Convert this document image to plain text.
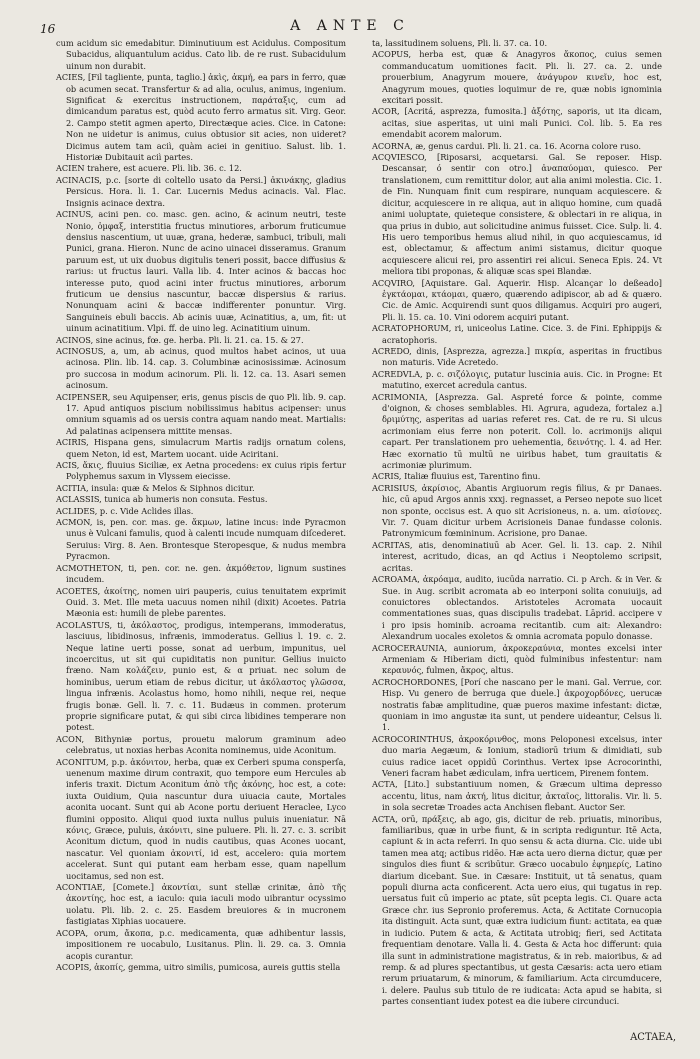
16	A ANTE C

cum acidum sic emedabitur. Diminutiuum est Acidulus. Compositum Subacidus, aliquantulum acidus. Cato lib. de re rust. Subacidulum uinum non durabit.

ACIES, [Fil tagliente, punta, taglio.] ἀκὶς, ἀκμή, ea pars in ferro, quæ ob acumen secat. Transfertur & ad alia, oculus, animus, ingenium. Significat & exercitus instructionem, παράταξις, cum ad dimicandum paratus est, quòd acuto ferro armatus sit. Virg. Geor. 2. Campo stetit agmen aperto, Directæque acies. Cice. in Catone: Non ne uidetur is animus, cuius obtusior sit acies, non uideret? Dicimus autem tam aciì, quàm aciei in genitiuo. Salust. lib. 1. Historiæ Dubitauit aciì partes.

ACIEN trahere, est acuere. Pli. lib. 36. c. 12.

ACINACIS, p.c. [sorte di coltello usato da Persi.] ἀκινάκης, gladius Persicus. Hora. li. 1. Car. Lucernis Medus acinacis. Val. Flac. Insignis acinace dextra.

ACINUS, acini pen. co. masc. gen. acino, & acinum neutri, teste Nonio, ὀμφαξ, interstitia fructus minutiores, arborum fruticumue densius nascentium, ut uuæ, grana, hederæ, sambuci, tribuli, mali Punici, grana. Hieron. Nunc de acino uinacei disseramus. Granum paruum est, ut uix duobus digitulis teneri possit, bacce diffusius & rarius: ut fructus lauri. Valla lib. 4. Inter acinos & baccas hoc interesse puto, quod acini inter fructus minutiores, arborum fruticum ue densius nascuntur, baccæ dispersius & rarius. Nonunquam acini & baccæ indifferenter ponuntur. Virg. Sanguineis ebuli baccis. Ab acinis uuæ, Acinatitius, a, um, fit: ut uinum acinatitium. Vlpi. ff. de uino leg. Acinatitium uinum.

ACINOS, sine acinus, fœ. ge. herba. Pli. li. 21. ca. 15. & 27.

ACINOSUS, a, um, ab acinus, quod multos habet acinos, ut uua acinosa. Plin. lib. 14. cap. 3. Columbinæ acinosissimæ. Acinosum pro succosa in modum acinorum. Pli. li. 12. ca. 13. Asari semen acinosum.

ACIPENSER, seu Aquipenser, eris, genus piscis de quo Pli. lib. 9. cap. 17. Apud antiquos piscium nobilissimus habitus acipenser: unus omnium squamis ad os uersis contra aquam nando meat. Martialis: Ad palatinas acipensera mittite mensas.

ACIRIS, Hispana gens, simulacrum Martis radijs ornatum colens, quem Neton, id est, Martem uocant. uide Aciritani.

ACIS, ἄκις, fluuius Siciliæ, ex Aetna procedens: ex cuius ripis fertur Polyphemus saxum in Vlyssem eiecisse.

ACITIA, insula: quæ & Melos & Siphnos dicitur.

ACLASSIS, tunica ab humeris non consuta. Festus.

ACLIDES, p. c. Vide Aclides illas.

ACMON, is, pen. cor. mas. ge. ἄκμων, latine incus: inde Pyracmon unus è Vulcani famulis, quod à calenti incude numquam diſcederet. Seruius: Virg. 8. Aen. Brontesque Steropesque, & nudus membra Pyracmon.

ACMOTHETON, ti, pen. cor. ne. gen. ἀκμόθετον, lignum sustines incudem.

ACOETES, ἀκοίτης, nomen uiri pauperis, cuius tenuitatem exprimit Ouid. 3. Met. Ille meta uacuus nomen nihil (dixit) Acoetes. Patria Mæonia est: humili de plebe parentes.

ACOLASTUS, ti, ἀκόλαστος, prodigus, intemperans, immoderatus, lasciuus, libidinosus, infrænis, immoderatus. Gellius l. 19. c. 2. Neque latine uerti posse, sonat ad uerbum, impunitus, uel incoercitus, ut sit qui cupiditatis non punitur. Gellius inuicto fræno. Nam κολάζειν, punio est, & α priuat. nec solum de hominibus, uerum etiam de rebus dicitur, ut ἀκόλαστος γλῶσσα, lingua infrænis. Acolastus homo, homo nihili, neque rei, neque frugis bonæ. Gell. li. 7. c. 11. Budæus in commen. proterum proprie significare putat, & qui sibi circa libidines temperare non potest.

ACON, Bithyniæ portus, prouetu malorum graminum adeo celebratus, ut noxias herbas Aconita nominemus, uide Aconitum.

ACONITUM, p.p. ἀκόνιτον, herba, quæ ex Cerberi spuma consperſa, uenenum maxime dirum contraxit, quo tempore eum Hercules ab inferis traxit. Dictum Aconitum ἀπὸ τῆς ἀκόνης, hoc est, a cote: iuxta Ouidium, Quia nascuntur dura uiuacia caute, Mortales aconita uocant. Sunt qui ab Acone portu deriuent Heraclee, Lyco flumini opposito. Aliqui quod iuxta nullus puluis inueniatur. Nā κόνις, Græce, puluis, ἀκόνιτι, sine puluere. Pli. li. 27. c. 3. scribit Aconitum dictum, quod in nudis cautibus, quas Acones uocant, nascatur. Vel quoniam ἀκονιτί, id est, accelero: quia mortem accelerat. Sunt qui putant eam herbam esse, quam napellum uocitamus, sed non est.

ACONTIAE, [Comete.] ἀκοντίαι, sunt stellæ crinitæ, ἀπὸ τῆς ἀκοντίης, hoc est, a iaculo: quia iaculi modo uibrantur ocyssimo uolatu. Pli. lib. 2. c. 25. Easdem breuiores & in mucronem fastigiatas Xiphias uocauere.

ACOPA, orum, ἄκοπα, p.c. medicamenta, quæ adhibentur lassis, impositionem re uocabulo, Lusitanus. Plin. li. 29. ca. 3. Omnia acopis curantur.

ACOPIS, ἀκοπίς, gemma, uitro similis, pumicosa, aureis guttis stella

ta, lassitudinem soluens, Pli. li. 37. ca. 10.

ACOPUS, herba est, quæ & Anagyros ἄκοπος, cuius semen commanducatum uomitiones facit. Pli. li. 27. ca. 2. unde prouerbium, Anagyrum mouere, ἀνάγυρον κινεῖν, hoc est, Anagyrum moues, quoties loquimur de re, quæ nobis ignominia excitari possit.

ACOR, [Acritá, asprezza, fumosita.] ἀξότης, saporis, ut ita dicam, acitas, siue asperitas, ut uini mali Punici. Col. lib. 5. Ea res emendabit acorem malorum.

ACORNA, æ, genus cardui. Pli. li. 21. ca. 16. Acorna colore ruso.

ACQVIESCO, [Riposarsi, acquetarsi. Gal. Se reposer. Hisp. Descansar, ó sentir con otro.] ἀναπαύομαι, quiesco. Per translationem, cum remittitur dolor, aut alia animi molestia. Cic. 1. de Fin. Nunquam finit cum respirare, nunquam acquiescere. & dicitur, acquiescere in re aliqua, aut in aliquo homine, cum quadā animi uoluptate, quieteque consistere, & oblectari in re aliqua, in qua prius in dubio, aut solicitudine animus fuisset. Cice. Sulp. li. 4. His uero temporibus hemus aliud nihil, in quo acquiescamus, id est, oblectamur, & affectum animi sistamus, dicitur quoque acquiescere alicui rei, pro assentiri rei alicui. Seneca Epis. 24. Vt meliora tibi proponas, & aliquæ scas spei Blandæ.

ACQVIRO, [Aquistare. Gal. Aquerir. Hisp. Alcançar lo deßeado] ἐγκτάομαι, κτάομαι, quæro, quærendo adipiscor, ab ad & quæro. Cic. de Amic. Acquirendi sunt quos diligamus. Acquiri pro augeri, Pli. li. 15. ca. 10. Vini odorem acquiri putant.

ACRATOPHORUM, ri, uniceolus Latine. Cice. 3. de Fini. Ephippijs & acratophoris.

ACREDO, dinis, [Asprezza, agrezza.] πικρία, asperitas in fructibus non maturis. Vide Acretedo.

ACREDVLA, p. c. σιζόλογις, putatur luscinia auis. Cic. in Progne: Et matutino, exercet acredula cantus.

ACRIMONIA, [Asprezza. Gal. Aspreté force & pointe, comme d'oignon, & choses semblables. Hi. Agrura, agudeza, fortalez a.] δριμύτης, asperitas ad uarias referet res. Cat. de re ru. Si ulcus acrimoniam eius ferre non poterit. Coll. lo. acrimonijs aliqui capart. Per translationem pro uehementia, δεινότης. l. 4. ad Her. Hæc exornatio tū multū ne uiribus habet, tum grauitatis & acrimoniæ plurimum.

ACRIS, Italiæ fluuius est, Tarentino finu.

ACRISIUS, ἀκρίσιος, Abantis Argiuorum regis filius, & pr Danaes. hic, cū apud Argos annis xxxj. regnasset, a Perseo nepote suo licet non sponte, occisus est. A quo sit Acrisioneus, n. a. um. αἰσίονες. Vir. 7. Quam dicitur urbem Acrisioneis Danae fundasse colonis. Patronymicum fœmininum. Acrisione, pro Danae.

ACRITAS, atis, denominatiuū ab Acer. Gel. li. 13. cap. 2. Nihil interest, acritudo, dicas, an qd Actius i Neoptolemo scripsit, acritas.

ACROAMA, ἀκρόαμα, audito, iucūda narratio. Ci. p Arch. & in Ver. & Sue. in Aug. scribit acromata ab eo interponi solita conuiuijs, ad conuictores oblectandos. Aristoteles Acromata uocauit commentationes suas, quas discipulis tradebat. Lāprid. accipere v i pro ipsis hominib. acroama recitantib. cum ait: Alexandro: Alexandrum uocales exoletos & omnia acromata populo donasse.

ACROCERAUNIA, auniorum, ἀκροκεραύνια, montes excelsi inter Armeniam & Hiberiam dicti, quòd fulminibus infestentur: nam κεραυνός, fulmen, ἄκρος, altus.

ACROCHORDONES, [Porí che nascano per le mani. Gal. Verrue, cor. Hisp. Vu genero de berruga que duele.] ἀκροχορδόνες, uerucæ nostratis fabæ amplitudine, quæ pueros maxime infestant: dictæ, quoniam in imo angustæ ita sunt, ut pendere uideantur, Celsus li. 1.

ACROCORINTHUS, ἀκροκόρινθος, mons Peloponesi excelsus, inter duo maria Aegæum, & Ionium, stadiorū trium & dimidiati, sub cuius radice iacet oppidū Corinthus. Vertex ipse Acrocorinthi, Veneri facram habet ædiculam, infra uerticem, Pirenem fontem.

ACTA, [Lito.] substantiuum nomen, & Græcum ultima depresso accentu, litus, nam ἀκτή, litus dicitur, ἀκταῖος, littoralis. Vir. li. 5. in sola secretæ Troades acta Anchisen flebant. Auctor Ser.

ACTA, orū, πράξεις, ab ago, gis, dicitur de reb. priuatis, minoribus, familiaribus, quæ in urbe fiunt, & in scripta rediguntur. Itē Acta, capiunt & in acta referri. In quo sensu & acta diurna. Cic. uide ubi tamen mea atq; actibus ridēo. Hæ acta uero dierna dictur, quæ per singulos dies fiunt & scribūtur. Græco uocabulo ἐφημερίς, Latino diarium dicebant. Sue. in Cæsare: Instituit, ut tā senatus, quam populi diurna acta conficerent. Acta uero eius, qui tugatus in rep. uersatus fuit cū imperio ac ptate, sūt pcepta legis. Ci. Quare acta Græce chr. ius Sepronio proferemus. Acta, & Actitate Cornucopia ita distinguit. Acta sunt, quæ extra iudicium fiunt: actitata, ea quæ in iudicio. Putem & acta, & Actitata utrobiq; fieri, sed Actitata frequentiam denotare. Valla li. 4. Gesta & Acta hoc differunt: quia illa sunt in administratione magistratus, & in reb. maioribus, & ad remp. & ad plures spectantibus, ut gesta Cæsaris: acta uero etiam rerum priuatarum, & minorum, & familiarium. Acta circumducere, i. delere. Paulus sub titulo de re iudicata: Acta apud se habita, si partes consentiant iudex potest ea die iubere circunduci.

ACTAEA,
